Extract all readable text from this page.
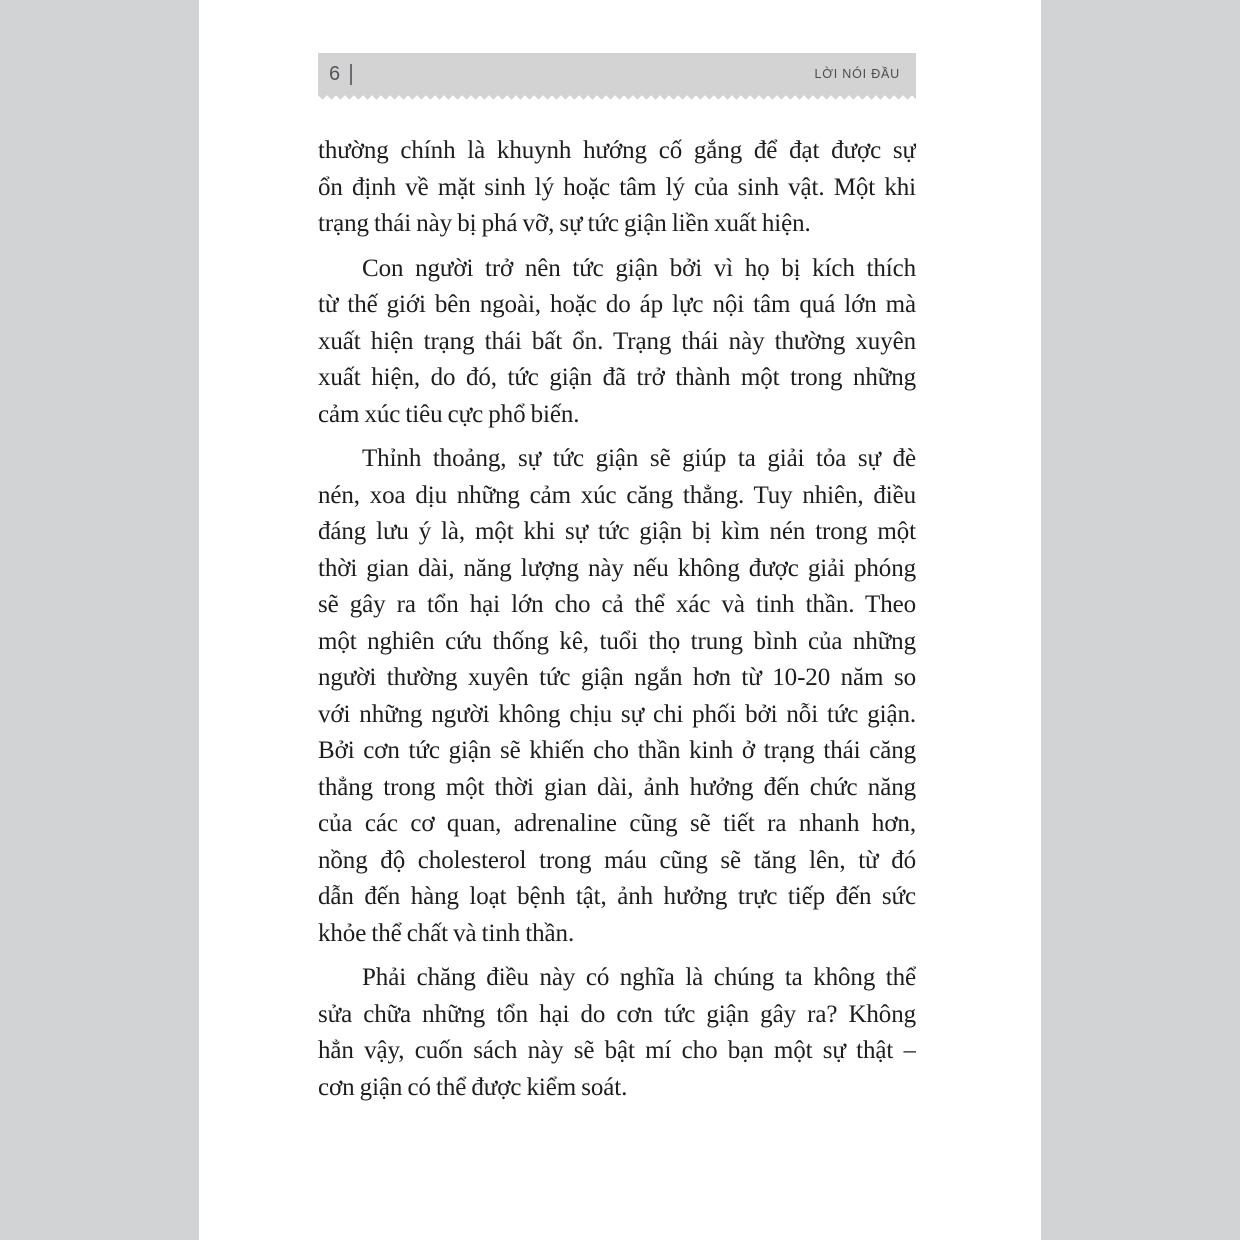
6	LỜI NÓI ĐẦU
thường chính là khuynh hướng cố gắng để đạt được sự
ổn định về mặt sinh lý hoặc tâm lý của sinh vật. Một khi
trạng thái này bị phá vỡ, sự tức giận liền xuất hiện.
Con người trở nên tức giận bởi vì họ bị kích thích
từ thế giới bên ngoài, hoặc do áp lực nội tâm quá lớn mà
xuất hiện trạng thái bất ổn. Trạng thái này thường xuyên
xuất hiện, do đó, tức giận đã trở thành một trong những
cảm xúc tiêu cực phổ biến.
Thỉnh thoảng, sự tức giận sẽ giúp ta giải tỏa sự đè
nén, xoa dịu những cảm xúc căng thẳng. Tuy nhiên, điều
đáng lưu ý là, một khi sự tức giận bị kìm nén trong một
thời gian dài, năng lượng này nếu không được giải phóng
sẽ gây ra tổn hại lớn cho cả thể xác và tinh thần. Theo
một nghiên cứu thống kê, tuổi thọ trung bình của những
người thường xuyên tức giận ngắn hơn từ 10-20 năm so
với những người không chịu sự chi phối bởi nỗi tức giận.
Bởi cơn tức giận sẽ khiến cho thần kinh ở trạng thái căng
thẳng trong một thời gian dài, ảnh hưởng đến chức năng
của các cơ quan, adrenaline cũng sẽ tiết ra nhanh hơn,
nồng độ cholesterol trong máu cũng sẽ tăng lên, từ đó
dẫn đến hàng loạt bệnh tật, ảnh hưởng trực tiếp đến sức
khỏe thể chất và tinh thần.
Phải chăng điều này có nghĩa là chúng ta không thể
sửa chữa những tổn hại do cơn tức giận gây ra? Không
hẳn vậy, cuốn sách này sẽ bật mí cho bạn một sự thật –
cơn giận có thể được kiểm soát.
